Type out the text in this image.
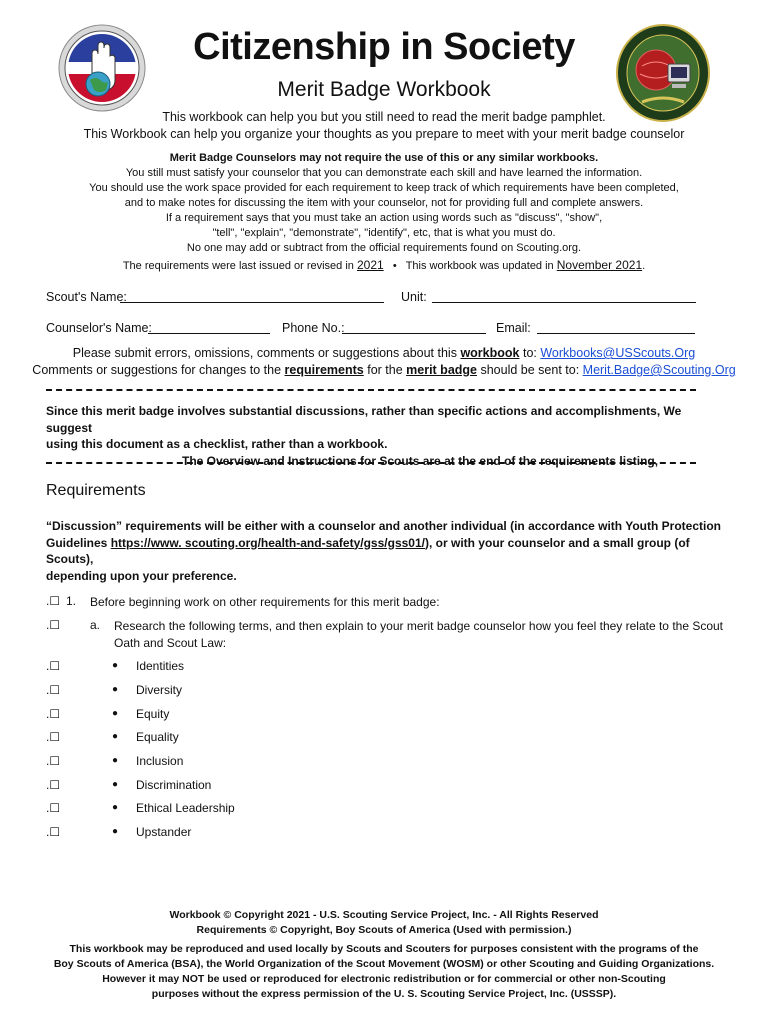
Citizenship in Society
Merit Badge Workbook
This workbook can help you but you still need to read the merit badge pamphlet.
This Workbook can help you organize your thoughts as you prepare to meet with your merit badge counselor
Merit Badge Counselors may not require the use of this or any similar workbooks.
You still must satisfy your counselor that you can demonstrate each skill and have learned the information.
You should use the work space provided for each requirement to keep track of which requirements have been completed,
and to make notes for discussing the item with your counselor, not for providing full and complete answers.
If a requirement says that you must take an action using words such as "discuss", "show",
"tell", "explain", "demonstrate", "identify", etc, that is what you must do.
No one may add or subtract from the official requirements found on Scouting.org.
The requirements were last issued or revised in 2021 • This workbook was updated in November 2021.
Scout's Name:	Unit:
Counselor's Name:	Phone No.:	Email:
Please submit errors, omissions, comments or suggestions about this workbook to: Workbooks@USScouts.Org
Comments or suggestions for changes to the requirements for the merit badge should be sent to: Merit.Badge@Scouting.Org
Since this merit badge involves substantial discussions, rather than specific actions and accomplishments, We suggest
using this document as a checklist, rather than a workbook.
The Overview and Instructions for Scouts are at the end of the requirements listing,
Requirements
“Discussion” requirements will be either with a counselor and another individual (in accordance with Youth Protection
Guidelines https://www. scouting.org/health-and-safety/gss/gss01/), or with your counselor and a small group (of Scouts),
depending upon your preference.
.☐ 1. Before beginning work on other requirements for this merit badge:
.☐ a. Research the following terms, and then explain to your merit badge counselor how you feel they relate to the Scout Oath and Scout Law:
.☐	● Identities
.☐	● Diversity
.☐	● Equity
.☐	● Equality
.☐	● Inclusion
.☐	● Discrimination
.☐	● Ethical Leadership
.☐	● Upstander
Workbook © Copyright 2021 - U.S. Scouting Service Project, Inc. - All Rights Reserved
Requirements © Copyright, Boy Scouts of America (Used with permission.)
This workbook may be reproduced and used locally by Scouts and Scouters for purposes consistent with the programs of the
Boy Scouts of America (BSA), the World Organization of the Scout Movement (WOSM) or other Scouting and Guiding Organizations.
However it may NOT be used or reproduced for electronic redistribution or for commercial or other non-Scouting
purposes without the express permission of the U. S. Scouting Service Project, Inc. (USSSP).
